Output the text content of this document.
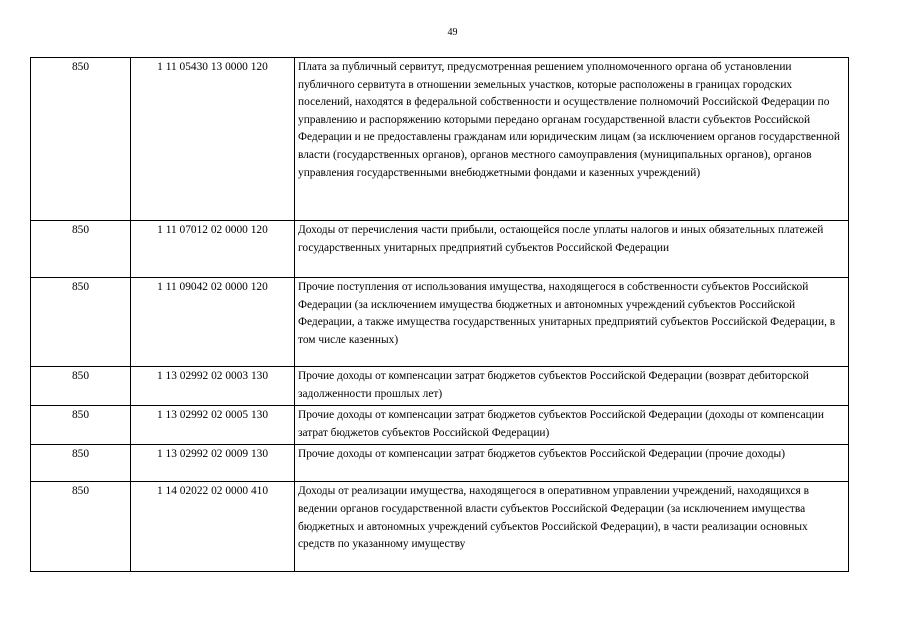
49
850	1 11 05430 13 0000 120	Плата за публичный сервитут, предусмотренная решением уполномоченного органа об установлении публичного сервитута в отношении земельных участков, которые расположены в границах городских поселений, находятся в федеральной собственности и осуществление полномочий Российской Федерации по управлению и распоряжению которыми передано органам государственной власти субъектов Российской Федерации и не предоставлены гражданам или юридическим лицам (за исключением органов государственной власти (государственных органов), органов местного самоуправления (муниципальных органов), органов управления государственными внебюджетными фондами и казенных учреждений)
850	1 11 07012 02 0000 120	Доходы от перечисления части прибыли, остающейся после уплаты налогов и иных обязательных платежей государственных унитарных предприятий субъектов Российской Федерации
850	1 11 09042 02 0000 120	Прочие поступления от использования имущества, находящегося в собственности субъектов Российской Федерации (за исключением имущества бюджетных и автономных учреждений субъектов Российской Федерации, а также имущества государственных унитарных предприятий субъектов Российской Федерации, в том числе казенных)
850	1 13 02992 02 0003 130	Прочие доходы от компенсации затрат бюджетов субъектов Российской Федерации (возврат дебиторской задолженности прошлых лет)
850	1 13 02992 02 0005 130	Прочие доходы от компенсации затрат бюджетов субъектов Российской Федерации (доходы от компенсации затрат бюджетов субъектов Российской Федерации)
850	1 13 02992 02 0009 130	Прочие доходы от компенсации затрат бюджетов субъектов Российской Федерации (прочие доходы)
850	1 14 02022 02 0000 410	Доходы от реализации имущества, находящегося в оперативном управлении учреждений, находящихся в ведении органов государственной власти субъектов Российской Федерации (за исключением имущества бюджетных и автономных учреждений субъектов Российской Федерации), в части реализации основных средств по указанному имуществу
